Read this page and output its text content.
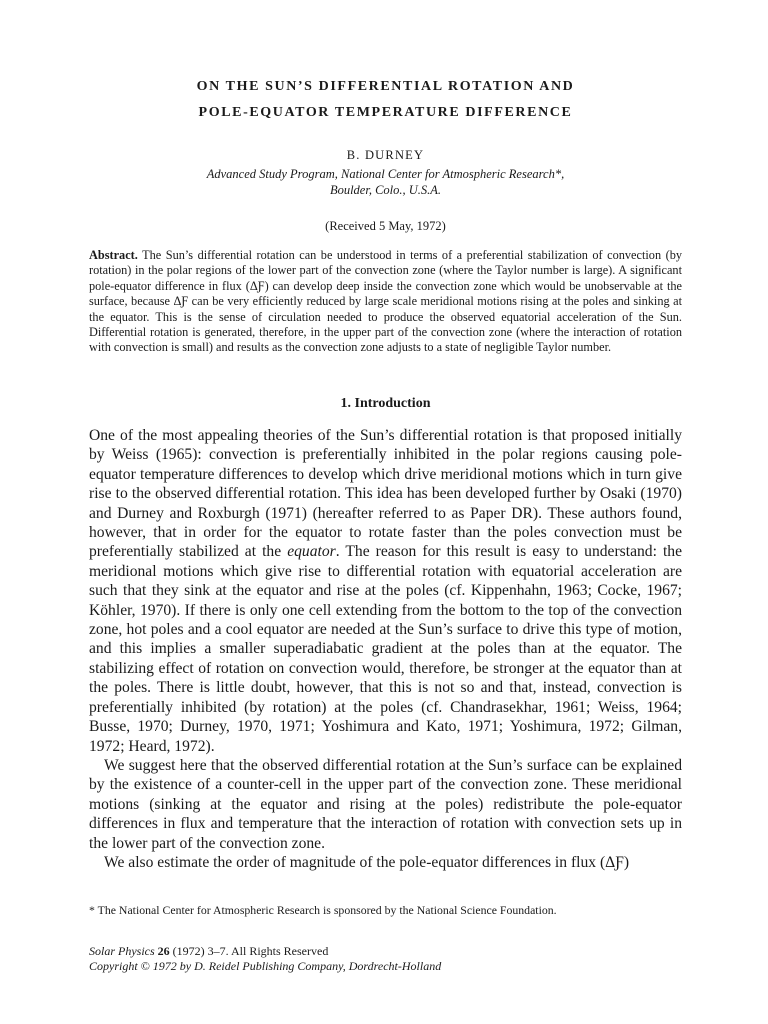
ON THE SUN’S DIFFERENTIAL ROTATION AND
POLE-EQUATOR TEMPERATURE DIFFERENCE
B. DURNEY
Advanced Study Program, National Center for Atmospheric Research*,
Boulder, Colo., U.S.A.
(Received 5 May, 1972)
Abstract. The Sun’s differential rotation can be understood in terms of a preferential stabilization of convection (by rotation) in the polar regions of the lower part of the convection zone (where the Taylor number is large). A significant pole-equator difference in flux (ΔƑ) can develop deep inside the convection zone which would be unobservable at the surface, because ΔƑ can be very efficiently reduced by large scale meridional motions rising at the poles and sinking at the equator. This is the sense of circulation needed to produce the observed equatorial acceleration of the Sun. Differential rotation is generated, therefore, in the upper part of the convection zone (where the interaction of rotation with convection is small) and results as the convection zone adjusts to a state of negligible Taylor number.
1. Introduction

One of the most appealing theories of the Sun’s differential rotation is that proposed initially by Weiss (1965): convection is preferentially inhibited in the polar regions causing pole-equator temperature differences to develop which drive meridional motions which in turn give rise to the observed differential rotation. This idea has been developed further by Osaki (1970) and Durney and Roxburgh (1971) (hereafter referred to as Paper DR). These authors found, however, that in order for the equator to rotate faster than the poles convection must be preferentially stabilized at the equator. The reason for this result is easy to understand: the meridional motions which give rise to differential rotation with equatorial acceleration are such that they sink at the equator and rise at the poles (cf. Kippenhahn, 1963; Cocke, 1967; Köhler, 1970). If there is only one cell extending from the bottom to the top of the convection zone, hot poles and a cool equator are needed at the Sun’s surface to drive this type of motion, and this implies a smaller superadiabatic gradient at the poles than at the equator. The stabilizing effect of rotation on convection would, therefore, be stronger at the equator than at the poles. There is little doubt, however, that this is not so and that, instead, convection is preferentially inhibited (by rotation) at the poles (cf. Chandrasekhar, 1961; Weiss, 1964; Busse, 1970; Durney, 1970, 1971; Yoshimura and Kato, 1971; Yoshimura, 1972; Gilman, 1972; Heard, 1972).

We suggest here that the observed differential rotation at the Sun’s surface can be explained by the existence of a counter-cell in the upper part of the convection zone. These meridional motions (sinking at the equator and rising at the poles) redistribute the pole-equator differences in flux and temperature that the interaction of rotation with convection sets up in the lower part of the convection zone.

We also estimate the order of magnitude of the pole-equator differences in flux (ΔƑ)

* The National Center for Atmospheric Research is sponsored by the National Science Foundation.
Solar Physics 26 (1972) 3–7. All Rights Reserved
Copyright © 1972 by D. Reidel Publishing Company, Dordrecht-Holland
